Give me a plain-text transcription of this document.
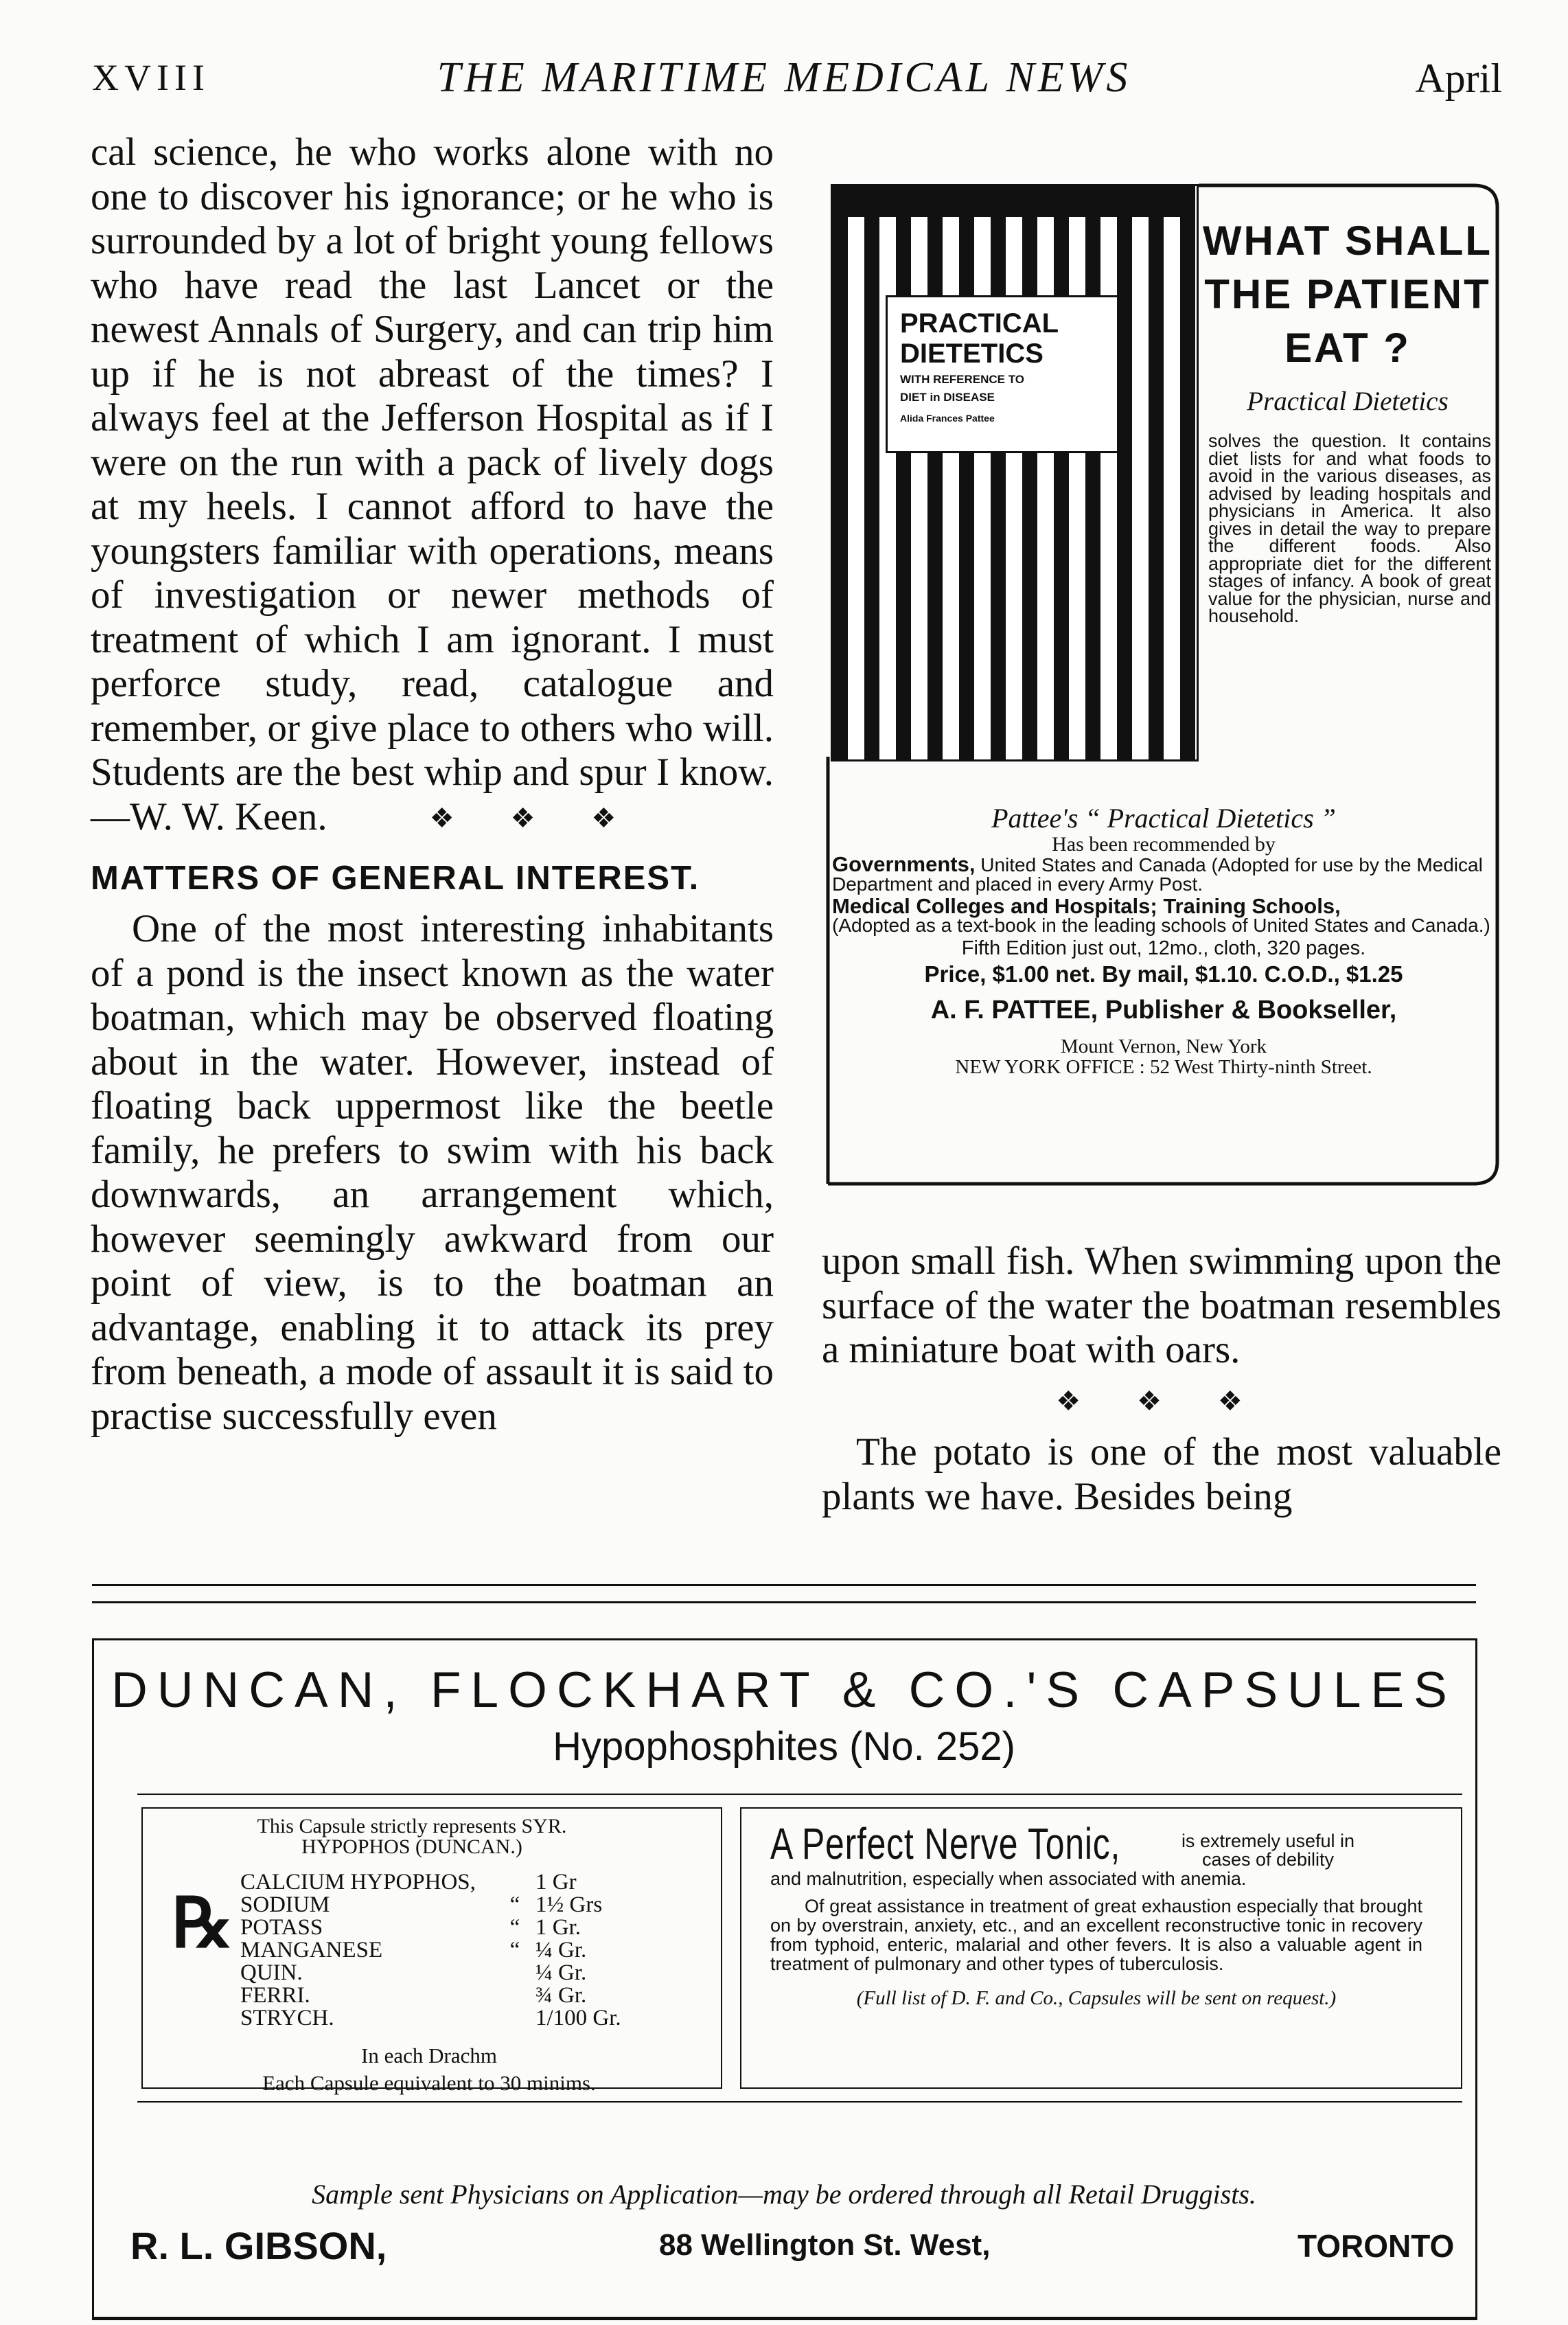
XVIII	THE MARITIME MEDICAL NEWS	April

cal science, he who works alone with no one to discover his ignorance; or he who is surrounded by a lot of bright young fellows who have read the last Lancet or the newest Annals of Surgery, and can trip him up if he is not abreast of the times? I always feel at the Jefferson Hospital as if I were on the run with a pack of lively dogs at my heels. I cannot afford to have the youngsters familiar with operations, means of investigation or newer methods of treatment of which I am ignorant. I must perforce study, read, catalogue and remember, or give place to others who will. Students are the best whip and spur I know.—W. W. Keen.	❖ ❖ ❖
MATTERS OF GENERAL INTEREST.

One of the most interesting inhabitants of a pond is the insect known as the water boatman, which may be observed floating about in the water. However, instead of floating back uppermost like the beetle family, he prefers to swim with his back downwards, an arrangement which, however seemingly awkward from our point of view, is to the boatman an advantage, enabling it to attack its prey from beneath, a mode of assault it is said to practise successfully even

PRACTICAL
DIETETICS
WITH REFERENCE TO
DIET in DISEASE
Alida Frances Pattee
WHAT SHALL
THE PATIENT
EAT ?
Practical Dietetics
solves the question. It contains diet lists for and what foods to avoid in the various diseases, as advised by leading hospitals and physicians in America. It also gives in detail the way to prepare the different foods. Also appropriate diet for the different stages of infancy. A book of great value for the physician, nurse and household.
Pattee's “ Practical Dietetics ”
Has been recommended by
Governments, United States and Canada (Adopted for use by the Medical Department and placed in every Army Post.
Medical Colleges and Hospitals; Training Schools,
(Adopted as a text-book in the leading schools of United States and Canada.)
Fifth Edition just out, 12mo., cloth, 320 pages.
Price, $1.00 net. By mail, $1.10. C.O.D., $1.25
A. F. PATTEE, Publisher & Bookseller,
Mount Vernon, New York
NEW YORK OFFICE : 52 West Thirty-ninth Street.

upon small fish. When swimming upon the surface of the water the boatman resembles a miniature boat with oars.

❖ ❖ ❖

The potato is one of the most valuable plants we have. Besides being

DUNCAN, FLOCKHART & CO.'S CAPSULES
Hypophosphites (No. 252)
This Capsule strictly represents SYR. HYPOPHOS (DUNCAN.)
CALCIUM HYPOPHOS,	1 Gr
SODIUM	“ 1½ Grs
POTASS	“ 1 Gr.
MANGANESE	“ ¼ Gr.
QUIN.	¼ Gr.
FERRI.	¾ Gr.
STRYCH.	1/100 Gr.
In each Drachm
Each Capsule equivalent to 30 minims.
℞
A Perfect Nerve Tonic,	is extremely useful in cases of debility

and malnutrition, especially when associated with anemia.

Of great assistance in treatment of great exhaustion especially that brought on by overstrain, anxiety, etc., and an excellent reconstructive tonic in recovery from typhoid, enteric, malarial and other fevers. It is also a valuable agent in treatment of pulmonary and other types of tuberculosis.

(Full list of D. F. and Co., Capsules will be sent on request.)

Sample sent Physicians on Application—may be ordered through all Retail Druggists.
R. L. GIBSON,	88 Wellington St. West,	TORONTO
